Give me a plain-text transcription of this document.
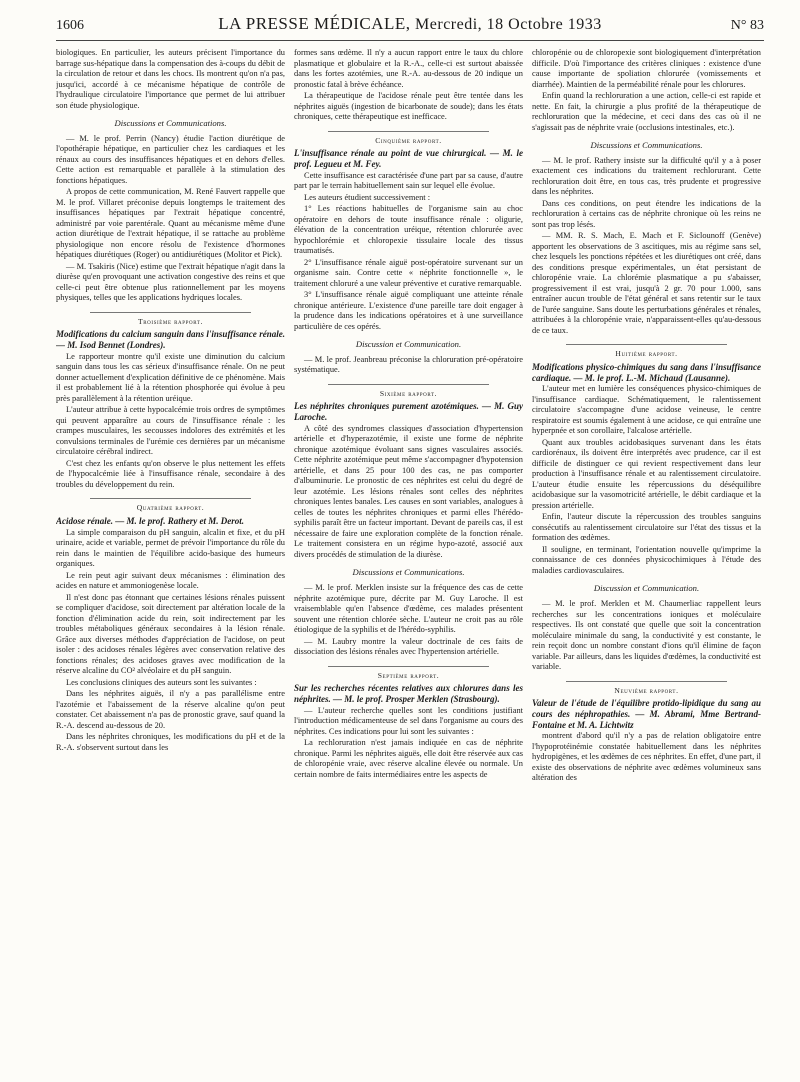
1606	LA PRESSE MÉDICALE, Mercredi, 18 Octobre 1933	N° 83

biologiques. En particulier, les auteurs précisent l'importance du barrage sus-hépatique dans la compensation des à-coups du débit de la circulation de retour et dans les chocs. Ils montrent qu'on n'a pas, jusqu'ici, accordé à ce mécanisme hépatique de contrôle de l'hydraulique circulatoire l'importance que permet de lui attribuer son étude physiologique.

Discussions et Communications.

— M. le prof. Perrin (Nancy) étudie l'action diurétique de l'opothérapie hépatique, en particulier chez les cardiaques et les rénaux au cours des insuffisances hépatiques et en dehors d'elles. Cette action est remarquable et parallèle à la stimulation des fonctions hépatiques.

A propos de cette communication, M. René Fauvert rappelle que M. le prof. Villaret préconise depuis longtemps le traitement des insuffisances hépatiques par l'extrait hépatique concentré, administré par voie parentérale. Quant au mécanisme même d'une action diurétique de l'extrait hépatique, il se rattache au problème physiologique non encore résolu de l'existence d'hormones hépatiques diurétiques (Roger) ou antidiurétiques (Molitor et Pick).

— M. Tsakiris (Nice) estime que l'extrait hépatique n'agit dans la diurèse qu'en provoquant une activation congestive des reins et que celle-ci peut être obtenue plus rationnellement par les moyens physiques, telles que les applications hydriques locales.

Troisième rapport.

Modifications du calcium sanguin dans l'insuffisance rénale. — M. Isod Bennet (Londres).

Le rapporteur montre qu'il existe une diminution du calcium sanguin dans tous les cas sérieux d'insuffisance rénale. On ne peut donner actuellement d'explication définitive de ce phénomène. Mais il est probablement lié à la rétention phosphorée qui évolue à peu près parallèlement à la rétention uréique.

L'auteur attribue à cette hypocalcémie trois ordres de symptômes qui peuvent apparaître au cours de l'insuffisance rénale : les crampes musculaires, les secousses indolores des extrémités et les convulsions terminales de l'urémie ces dernières par un mécanisme circulatoire cérébral indirect.

C'est chez les enfants qu'on observe le plus nettement les effets de l'hypocalcémie liée à l'insuffisance rénale, secondaire à des troubles du développement du rein.

Quatrième rapport.

Acidose rénale. — M. le prof. Rathery et M. Derot.

La simple comparaison du pH sanguin, alcalin et fixe, et du pH urinaire, acide et variable, permet de prévoir l'importance du rôle du rein dans le maintien de l'équilibre acido-basique des humeurs organiques.

Le rein peut agir suivant deux mécanismes : élimination des acides en nature et ammoniogenèse locale.

Il n'est donc pas étonnant que certaines lésions rénales puissent se compliquer d'acidose, soit directement par altération locale de la fonction d'élimination acide du rein, soit indirectement par les troubles métaboliques généraux secondaires à la lésion rénale. Grâce aux diverses méthodes d'appréciation de l'acidose, on peut isoler : des acidoses rénales légères avec conservation relative des fonctions rénales; des acidoses graves avec modification de la réserve alcaline du CO² alvéolaire et du pH sanguin.

Les conclusions cliniques des auteurs sont les suivantes :

Dans les néphrites aiguës, il n'y a pas parallélisme entre l'azotémie et l'abaissement de la réserve alcaline qu'on peut constater. Cet abaissement n'a pas de pronostic grave, sauf quand la R.-A. descend au-dessous de 20.

Dans les néphrites chroniques, les modifications du pH et de la R.-A. s'observent surtout dans les

formes sans œdème. Il n'y a aucun rapport entre le taux du chlore plasmatique et globulaire et la R.-A., celle-ci est surtout abaissée dans les fortes azotémies, une R.-A. au-dessous de 20 indique un pronostic fatal à brève échéance.

La thérapeutique de l'acidose rénale peut être tentée dans les néphrites aiguës (ingestion de bicarbonate de soude); dans les états chroniques, cette thérapeutique est inefficace.

Cinquième rapport.

L'insuffisance rénale au point de vue chirurgical. — M. le prof. Legueu et M. Fey.

Cette insuffisance est caractérisée d'une part par sa cause, d'autre part par le terrain habituellement sain sur lequel elle évolue.

Les auteurs étudient successivement :

1° Les réactions habituelles de l'organisme sain au choc opératoire en dehors de toute insuffisance rénale : oligurie, élévation de la concentration uréique, rétention chlorurée avec hypochlorémie et chloropexie tissulaire locale des tissus traumatisés.

2° L'insuffisance rénale aiguë post-opératoire survenant sur un organisme sain. Contre cette « néphrite fonctionnelle », le traitement chloruré a une valeur préventive et curative remarquable.

3° L'insuffisance rénale aiguë compliquant une atteinte rénale chronique antérieure. L'existence d'une pareille tare doit engager à la prudence dans les indications opératoires et à une surveillance particulière de ces opérés.

Discussion et Communication.

— M. le prof. Jeanbreau préconise la chloruration pré-opératoire systématique.

Sixième rapport.

Les néphrites chroniques purement azotémiques. — M. Guy Laroche.

A côté des syndromes classiques d'association d'hypertension artérielle et d'hyperazotémie, il existe une forme de néphrite chronique azotémique évoluant sans signes vasculaires associés. Cette néphrite azotémique peut même s'accompagner d'hypotension artérielle, et dans 25 pour 100 des cas, ne pas comporter d'albuminurie. Le pronostic de ces néphrites est celui du degré de leur azotémie. Les lésions rénales sont celles des néphrites chroniques lentes banales. Les causes en sont variables, analogues à celles de toutes les néphrites chroniques et parmi elles l'hérédo-syphilis paraît être un facteur important. Devant de pareils cas, il est nécessaire de faire une exploration complète de la fonction rénale. Le traitement consistera en un régime hypo-azoté, associé aux divers procédés de stimulation de la diurèse.

Discussions et Communications.

— M. le prof. Merklen insiste sur la fréquence des cas de cette néphrite azotémique pure, décrite par M. Guy Laroche. Il est vraisemblable qu'en l'absence d'œdème, ces malades présentent souvent une rétention chlorée sèche. L'auteur ne croit pas au rôle étiologique de la syphilis et de l'hérédo-syphilis.

— M. Laubry montre la valeur doctrinale de ces faits de dissociation des lésions rénales avec l'hypertension artérielle.

Septième rapport.

Sur les recherches récentes relatives aux chlorures dans les néphrites. — M. le prof. Prosper Merklen (Strasbourg).

— L'auteur recherche quelles sont les conditions justifiant l'introduction médicamenteuse de sel dans l'organisme au cours des néphrites. Ces indications pour lui sont les suivantes :

La rechloruration n'est jamais indiquée en cas de néphrite chronique. Parmi les néphrites aiguës, elle doit être réservée aux cas de chloropénie vraie, avec réserve alcaline élevée ou normale. Un certain nombre de faits intermédiaires entre les aspects de

chloropénie ou de chloropexie sont biologiquement d'interprétation difficile. D'où l'importance des critères cliniques : existence d'une cause importante de spoliation chlorurée (vomissements et diarrhée). Maintien de la perméabilité rénale pour les chlorures.

Enfin quand la rechloruration a une action, celle-ci est rapide et nette. En fait, la chirurgie a plus profité de la thérapeutique de rechloruration que la médecine, et ceci dans des cas où il ne s'agissait pas de néphrite vraie (occlusions intestinales, etc.).

Discussions et Communications.

— M. le prof. Rathery insiste sur la difficulté qu'il y a à poser exactement ces indications du traitement rechlorurant. Cette rechloruration doit être, en tous cas, très prudente et progressive dans les néphrites.

Dans ces conditions, on peut étendre les indications de la rechloruration à certains cas de néphrite chronique où les reins ne sont pas trop lésés.

— MM. R. S. Mach, E. Mach et F. Siclounoff (Genève) apportent les observations de 3 ascitiques, mis au régime sans sel, chez lesquels les ponctions répétées et les diurétiques ont créé, dans des conditions presque expérimentales, un état persistant de chloropénie vraie. La chlorémie plasmatique a pu s'abaisser, progressivement il est vrai, jusqu'à 2 gr. 70 pour 1.000, sans entraîner aucun trouble de l'état général et sans retentir sur le taux de l'urée sanguine. Sans doute les perturbations générales et rénales, attribuées à la chloropénie vraie, n'apparaissent-elles qu'au-dessous de ce taux.

Huitième rapport.

Modifications physico-chimiques du sang dans l'insuffisance cardiaque. — M. le prof. L.-M. Michaud (Lausanne).

L'auteur met en lumière les conséquences physico-chimiques de l'insuffisance cardiaque. Schématiquement, le ralentissement circulatoire s'accompagne d'une acidose veineuse, le centre respiratoire est soumis également à une acidose, ce qui entraîne une hyperpnée et son corollaire, l'alcalose artérielle.

Quant aux troubles acidobasiques survenant dans les états cardiorénaux, ils doivent être interprétés avec prudence, car il est difficile de distinguer ce qui revient respectivement dans leur production à l'insuffisance rénale et au ralentissement circulatoire. L'auteur étudie ensuite les répercussions du déséquilibre acidobasique sur la vasomotricité artérielle, le débit cardiaque et la pression artérielle.

Enfin, l'auteur discute la répercussion des troubles sanguins consécutifs au ralentissement circulatoire sur l'état des tissus et la formation des œdèmes.

Il souligne, en terminant, l'orientation nouvelle qu'imprime la connaissance de ces données physicochimiques à l'étude des maladies cardiovasculaires.

Discussion et Communication.

— M. le prof. Merklen et M. Chaumerliac rappellent leurs recherches sur les concentrations ioniques et moléculaire respectives. Ils ont constaté que quelle que soit la concentration moléculaire minimale du sang, la conductivité y est constante, le rein reçoit donc un nombre constant d'ions qu'il élimine de façon variable. Par ailleurs, dans les liquides d'œdèmes, la conductivité est variable.

Neuvième rapport.

Valeur de l'étude de l'équilibre protido-lipidique du sang au cours des néphropathies. — M. Abrami, Mme Bertrand-Fontaine et M. A. Lichtwitz

montrent d'abord qu'il n'y a pas de relation obligatoire entre l'hypoprotéinémie constatée habituellement dans les néphrites hydropigènes, et les œdèmes de ces néphrites. En effet, d'une part, il existe des observations de néphrite avec œdèmes volumineux sans altération des
